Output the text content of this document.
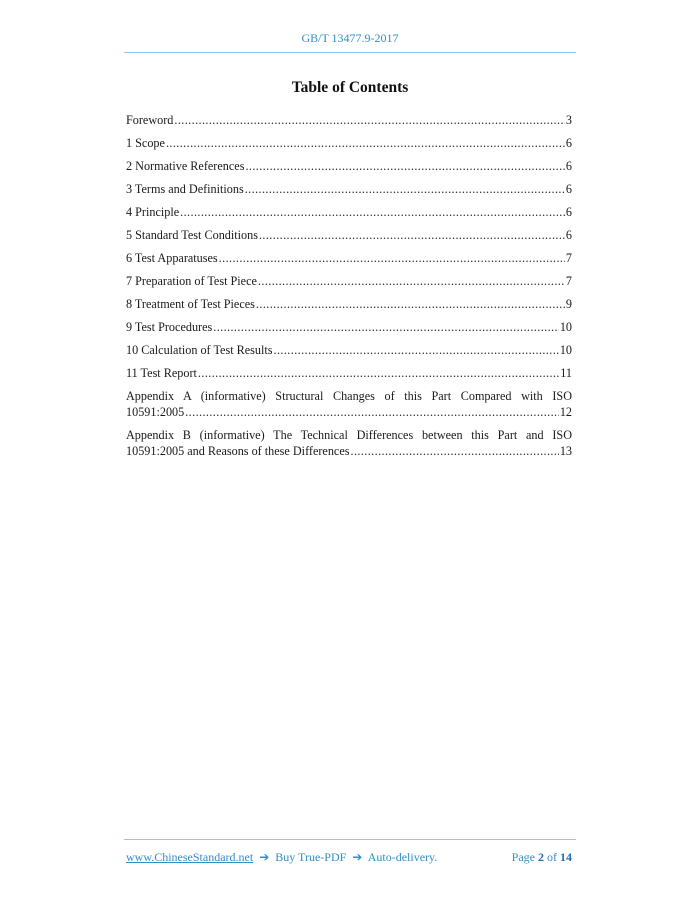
GB/T 13477.9-2017
Table of Contents
Foreword .....	3
1 Scope .....	6
2 Normative References .....	6
3 Terms and Definitions .....	6
4 Principle .....	6
5 Standard Test Conditions .....	6
6 Test Apparatuses .....	7
7 Preparation of Test Piece .....	7
8 Treatment of Test Pieces .....	9
9 Test Procedures .....	10
10 Calculation of Test Results .....	10
11 Test Report .....	11
Appendix A (informative) Structural Changes of this Part Compared with ISO
10591:2005 .....	12
Appendix B (informative) The Technical Differences between this Part and ISO
10591:2005 and Reasons of these Differences .....	13
www.ChineseStandard.net ➔ Buy True-PDF ➔ Auto-delivery.	Page 2 of 14
